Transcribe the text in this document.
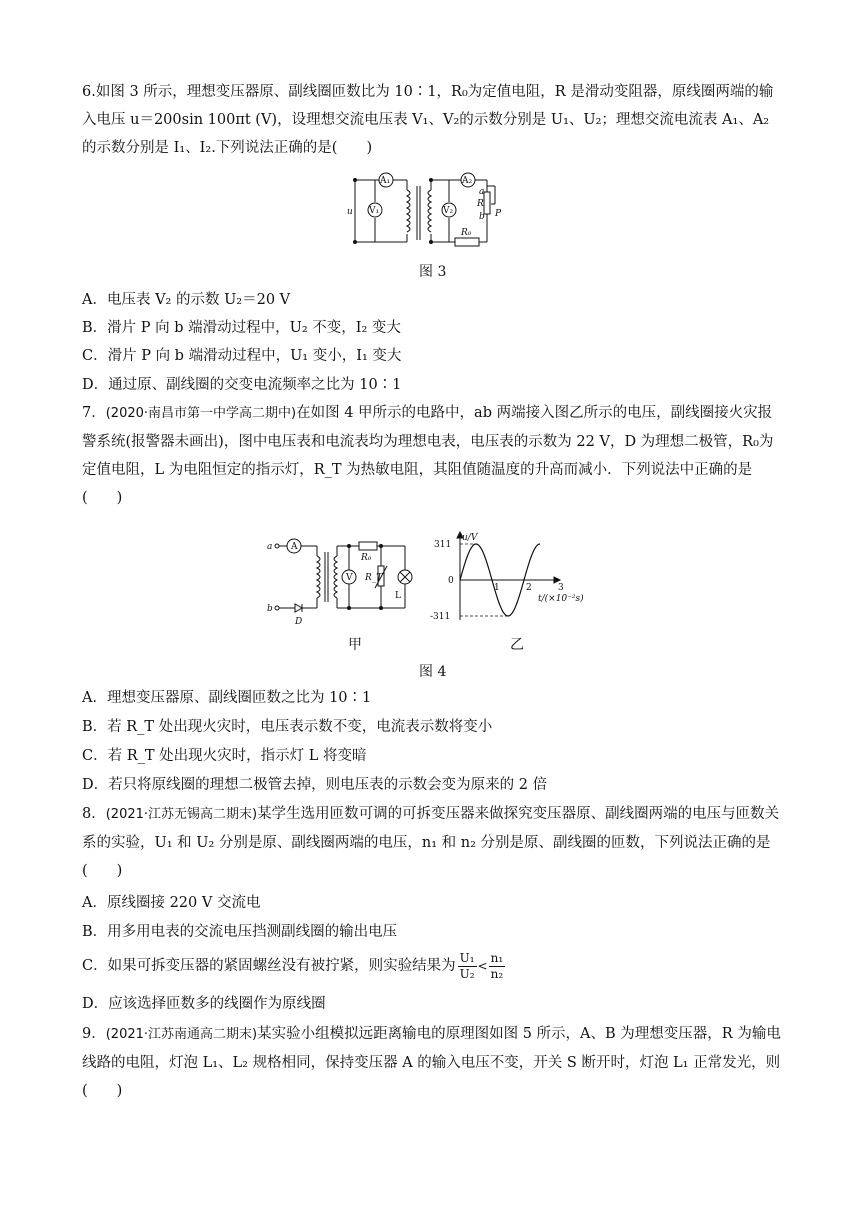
6.如图 3 所示，理想变压器原、副线圈匝数比为 10∶1，R₀为定值电阻，R 是滑动变阻器，原线圈两端的输入电压 u＝200sin 100πt (V)，设理想交流电压表 V₁、V₂的示数分别是 U₁、U₂；理想交流电流表 A₁、A₂的示数分别是 I₁、I₂.下列说法正确的是(　　)

A₁	A₂
V₁	V₂
u
a
R
b P
R₀
图 3

A．电压表 V₂ 的示数 U₂＝20 V

B．滑片 P 向 b 端滑动过程中，U₂ 不变，I₂ 变大

C．滑片 P 向 b 端滑动过程中，U₁ 变小，I₁ 变大

D．通过原、副线圈的交变电流频率之比为 10∶1

7．(2020·南昌市第一中学高二期中)在如图 4 甲所示的电路中，ab 两端接入图乙所示的电压，副线圈接火灾报警系统(报警器未画出)，图中电压表和电流表均为理想电表，电压表的示数为 22 V，D 为理想二极管，R₀为定值电阻，L 为电阻恒定的指示灯，R_T 为热敏电阻，其阻值随温度的升高而减小．下列说法中正确的是(　　)

a
b
A
V
D
R₀
R_T
L
u/V
311
0
-311
1	2	3
t/(×10⁻²s)
甲	乙
图 4

A．理想变压器原、副线圈匝数之比为 10∶1

B．若 R_T 处出现火灾时，电压表示数不变，电流表示数将变小

C．若 R_T 处出现火灾时，指示灯 L 将变暗

D．若只将原线圈的理想二极管去掉，则电压表的示数会变为原来的 2 倍

8．(2021·江苏无锡高二期末)某学生选用匝数可调的可拆变压器来做探究变压器原、副线圈两端的电压与匝数关系的实验，U₁ 和 U₂ 分别是原、副线圈两端的电压，n₁ 和 n₂ 分别是原、副线圈的匝数，下列说法正确的是(　　)

A．原线圈接 220 V 交流电

B．用多用电表的交流电压挡测副线圈的输出电压

C．如果可拆变压器的紧固螺丝没有被拧紧，则实验结果为 $\frac{\text{U₁}}{\text{U₂}} < \frac{\text{n₁}}{\text{n₂}}$

D．应该选择匝数多的线圈作为原线圈

9．(2021·江苏南通高二期末)某实验小组模拟远距离输电的原理图如图 5 所示，A、B 为理想变压器，R 为输电线路的电阻，灯泡 L₁、L₂ 规格相同，保持变压器 A 的输入电压不变，开关 S 断开时，灯泡 L₁ 正常发光，则(　　)
